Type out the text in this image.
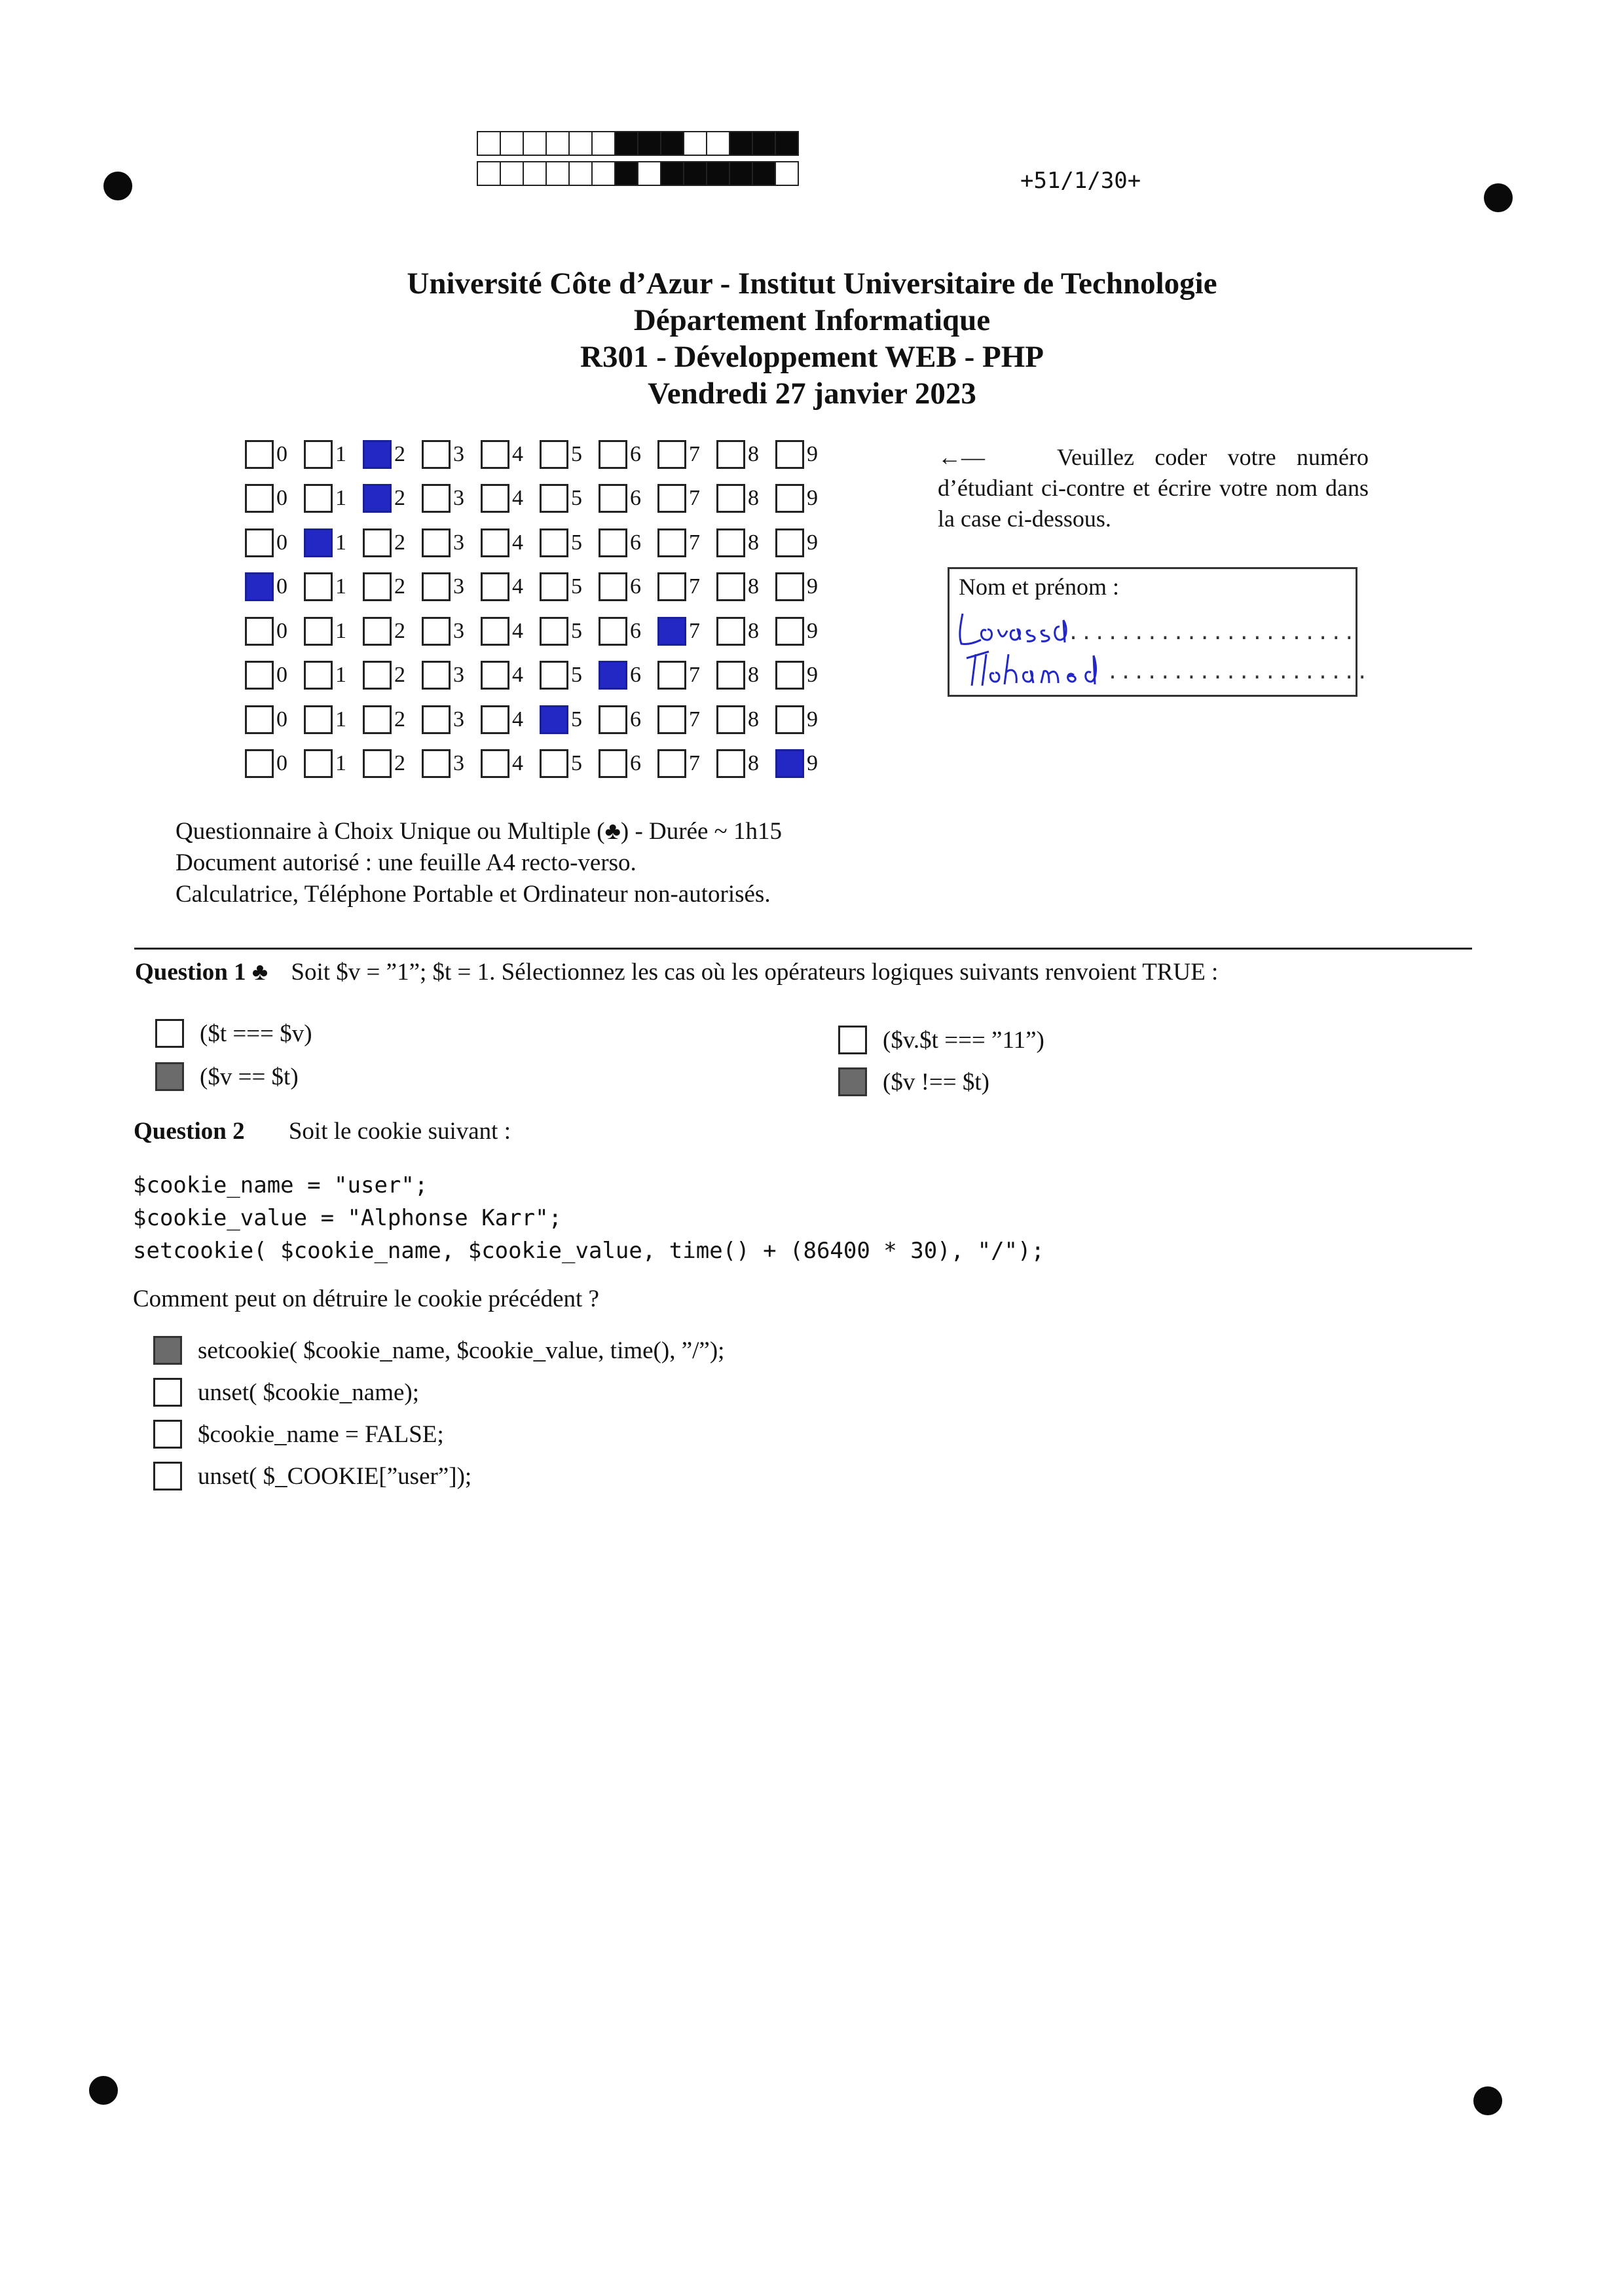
+51/1/30+
Université Côte d’Azur - Institut Universitaire de Technologie
Département Informatique
R301 - Développement WEB - PHP
Vendredi 27 janvier 2023
0 1 2 3 4 5 6 7 8 9
0 1 2 3 4 5 6 7 8 9
0 1 2 3 4 5 6 7 8 9
0 1 2 3 4 5 6 7 8 9
0 1 2 3 4 5 6 7 8 9
0 1 2 3 4 5 6 7 8 9
0 1 2 3 4 5 6 7 8 9
0 1 2 3 4 5 6 7 8 9
←—	Veuillez coder votre numéro d’étudiant ci-contre et écrire votre nom dans la case ci-dessous.
Nom et prénom :
......................
....................
Questionnaire à Choix Unique ou Multiple (♣) - Durée ~ 1h15
Document autorisé : une feuille A4 recto-verso.
Calculatrice, Téléphone Portable et Ordinateur non-autorisés.
Question 1 ♣ Soit $v = ”1”; $t = 1. Sélectionnez les cas où les opérateurs logiques suivants renvoient TRUE :
($t === $v)
($v == $t)
($v.$t === ”11”)
($v !== $t)
Question 2 Soit le cookie suivant :
$cookie_name = "user";
$cookie_value = "Alphonse Karr";
setcookie( $cookie_name, $cookie_value, time() + (86400 * 30), "/");
Comment peut on détruire le cookie précédent ?
setcookie( $cookie_name, $cookie_value, time(), ”/”);
unset( $cookie_name);
$cookie_name = FALSE;
unset( $_COOKIE[”user”]);
